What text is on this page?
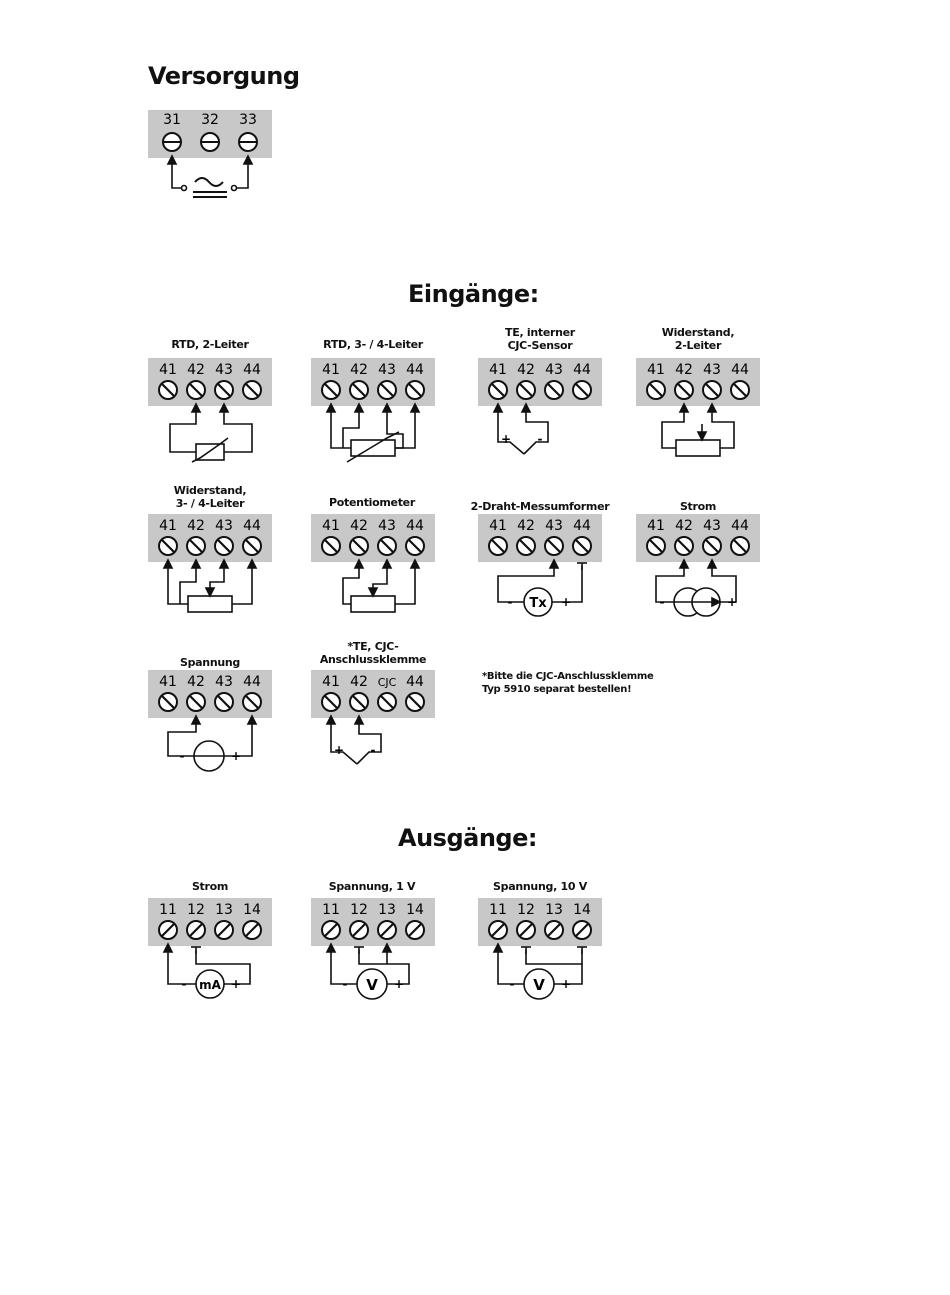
Versorgung
Eingänge:
Ausgänge:
31 32 33
RTD, 2-Leiter	RTD, 3- / 4-Leiter
TE, interner
CJC-Sensor
Widerstand,
2-Leiter
Widerstand,
3- / 4-Leiter	Potentiometer	2-Draht-Messumformer	Strom
Spannung
*TE, CJC-
Anschlussklemme
*Bitte die CJC-Anschlussklemme
Typ 5910 separat bestellen!
Strom	Spannung, 1 V	Spannung, 10 V
41 42 43 44	41 42 43 44	41 42 43 44
+ -
41 42 43 44
41 42 43 44	41 42 43 44	41 42 43 44
Tx
-	+
41 42 43 44
-	+
41 42 43 44
-	+
41 42 CJC 44
+ -
11 12 13 14
mA
-	+
11 12 13 14
V
-	+
11 12 13 14
V
-	+
